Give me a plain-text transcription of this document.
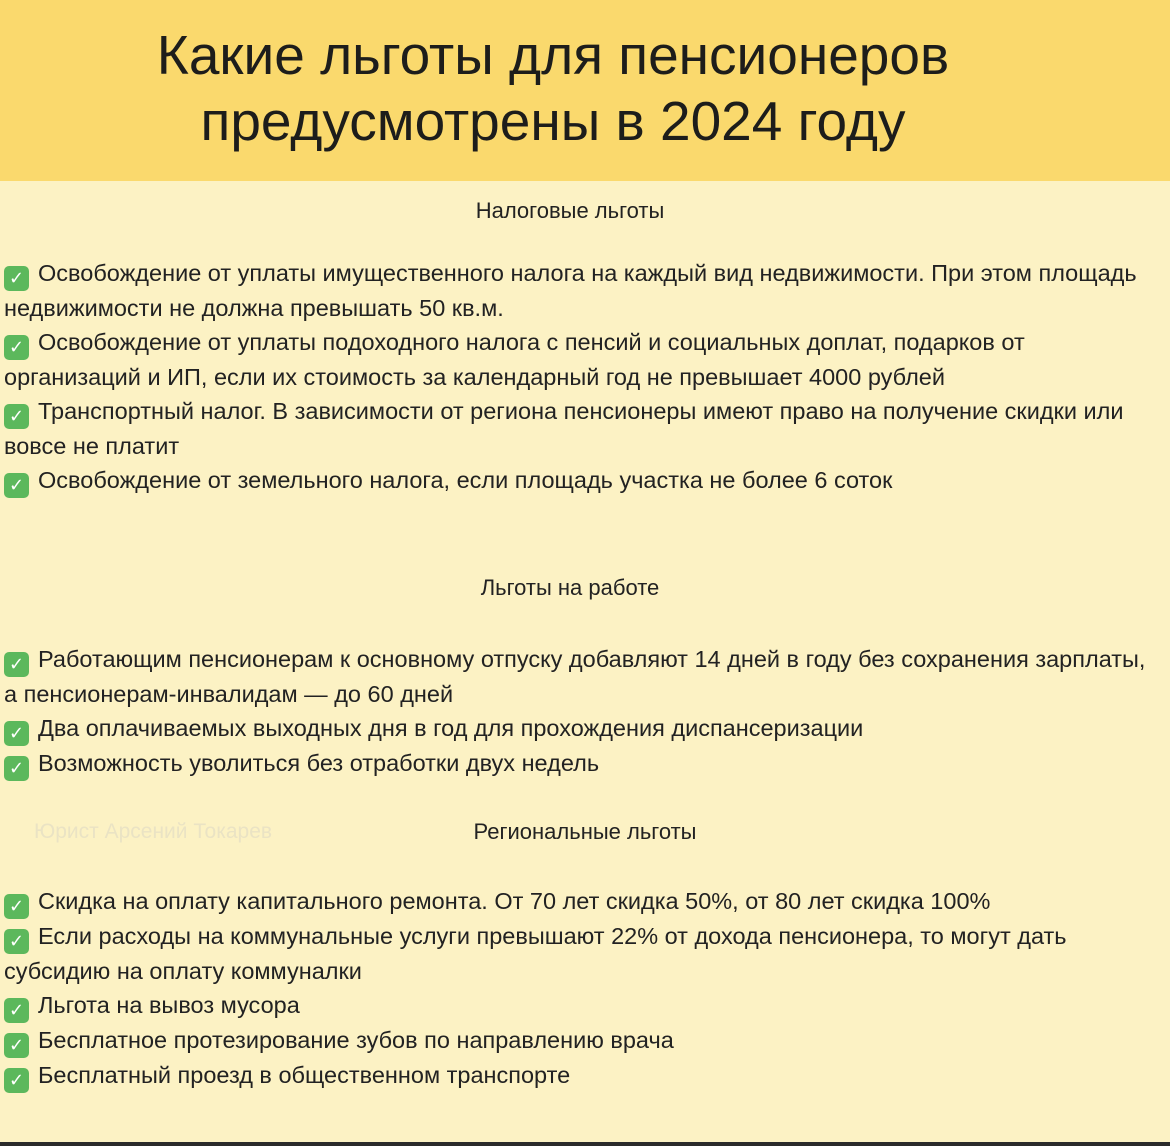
Какие льготы для пенсионеров
предусмотрены в 2024 году
Налоговые льготы
✓ Освобождение от уплаты имущественного налога на каждый вид недвижимости. При этом площадь недвижимости не должна превышать 50 кв.м.
✓ Освобождение от уплаты подоходного налога с пенсий и социальных доплат, подарков от организаций и ИП, если их стоимость за календарный год не превышает 4000 рублей
✓ Транспортный налог. В зависимости от региона пенсионеры имеют право на получение скидки или вовсе не платит
✓ Освобождение от земельного налога, если площадь участка не более 6 соток
Льготы на работе
✓ Работающим пенсионерам к основному отпуску добавляют 14 дней в году без сохранения зарплаты, а пенсионерам-инвалидам — до 60 дней
✓ Два оплачиваемых выходных дня в год для прохождения диспансеризации
✓ Возможность уволиться без отработки двух недель

Юрист Арсений Токарев	Региональные льготы
✓ Скидка на оплату капитального ремонта. От 70 лет скидка 50%, от 80 лет скидка 100%
✓ Если расходы на коммунальные услуги превышают 22% от дохода пенсионера, то могут дать субсидию на оплату коммуналки
✓ Льгота на вывоз мусора
✓ Бесплатное протезирование зубов по направлению врача
✓ Бесплатный проезд в общественном транспорте
